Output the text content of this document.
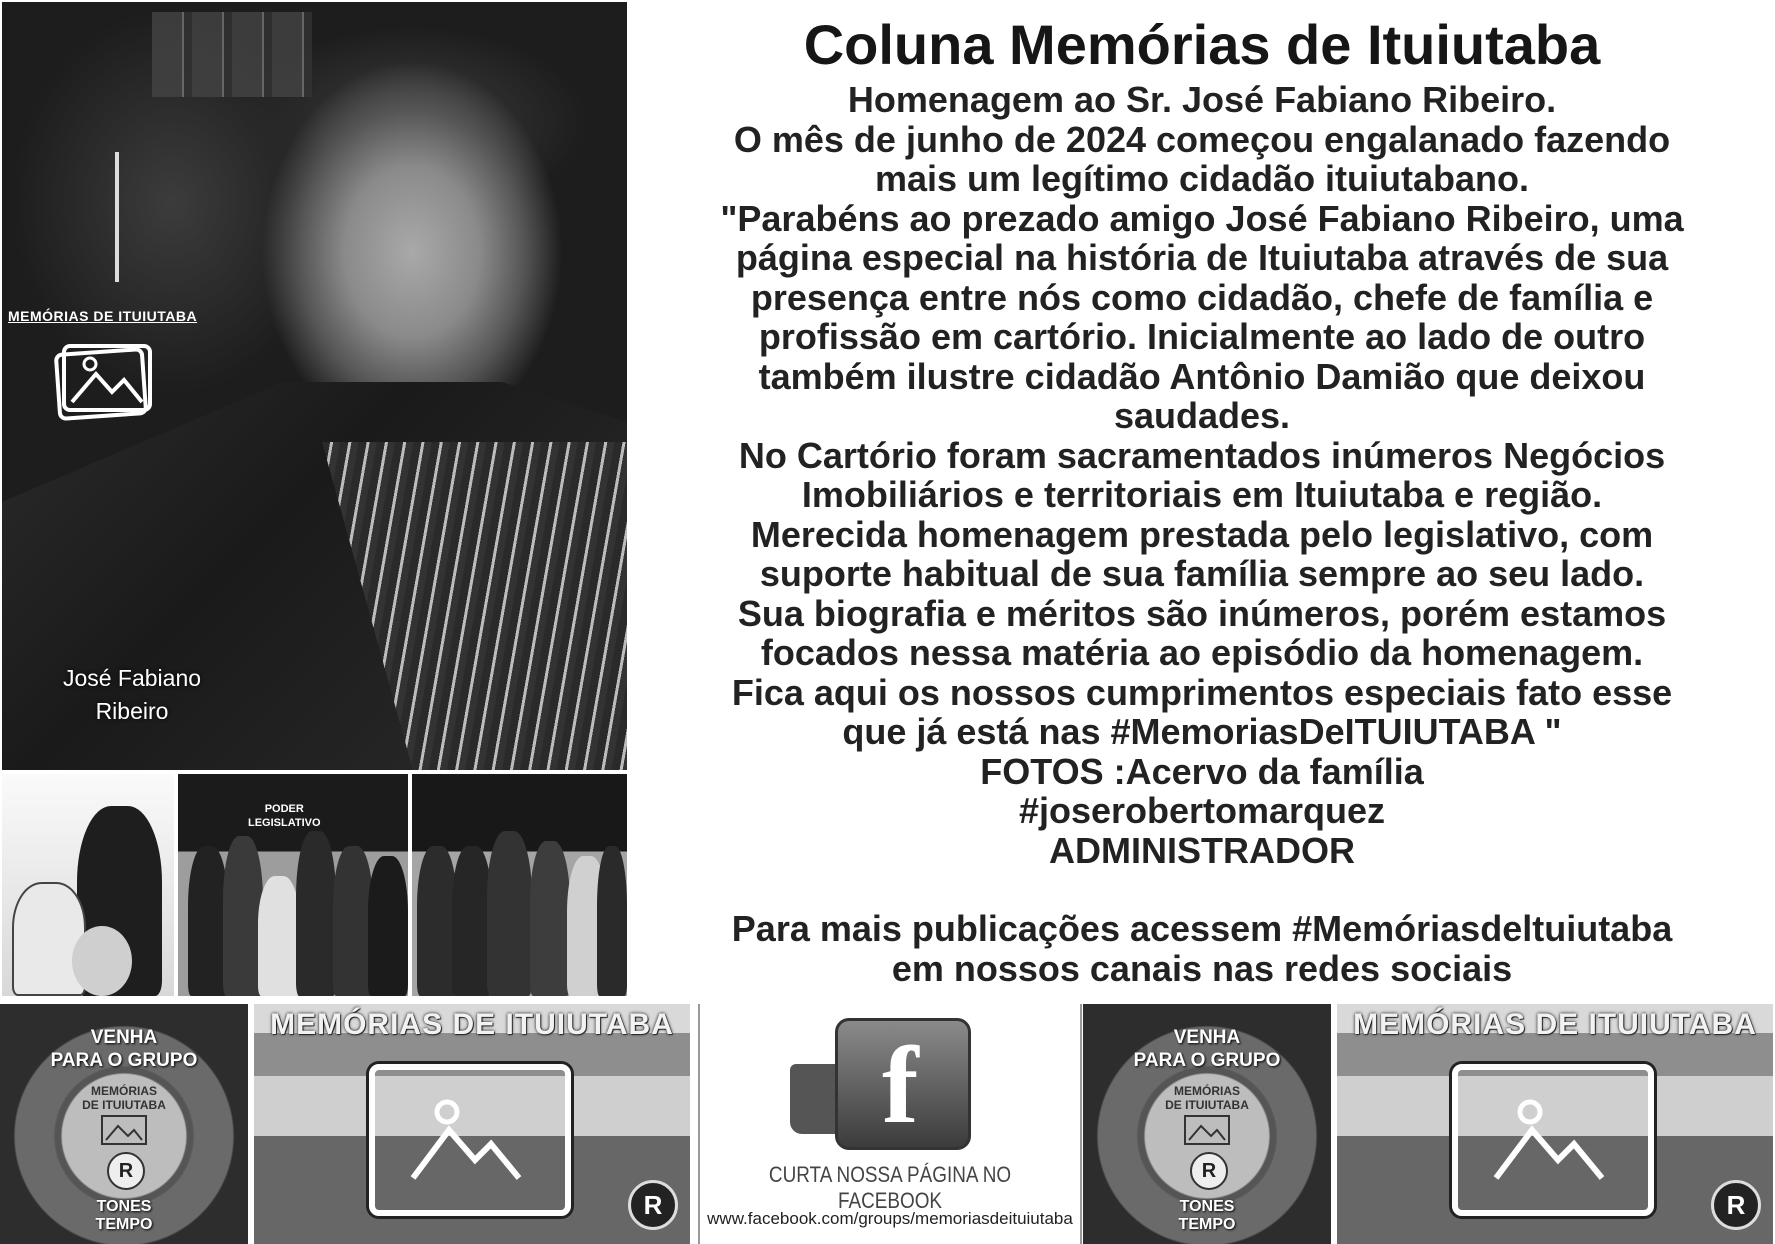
MEMÓRIAS DE ITUIUTABA
José Fabiano
Ribeiro
PODER
LEGISLATIVO
Coluna Memórias de Ituiutaba

Homenagem ao Sr. José Fabiano Ribeiro.

O mês de junho de 2024 começou engalanado fazendo

mais um legítimo cidadão ituiutabano.

"Parabéns ao prezado amigo José Fabiano Ribeiro, uma

página especial na história de Ituiutaba através de sua

presença entre nós como cidadão, chefe de família e

profissão em cartório. Inicialmente ao lado de outro

também ilustre cidadão Antônio Damião que deixou

saudades.

No Cartório foram sacramentados inúmeros Negócios

Imobiliários e territoriais em Ituiutaba e região.

Merecida homenagem prestada pelo legislativo, com

suporte habitual de sua família sempre ao seu lado.

Sua biografia e méritos são inúmeros, porém estamos

focados nessa matéria ao episódio da homenagem.

Fica aqui os nossos cumprimentos especiais fato esse

que já está nas #MemoriasDeITUIUTABA "

FOTOS :Acervo da família

#joserobertomarquez

ADMINISTRADOR

Para mais publicações acessem #Memóriasdeltuiutaba

em nossos canais nas redes sociais

VENHA
PARA O GRUPO
MEMÓRIAS
DE ITUIUTABA
R
TONES
TEMPO
MEMÓRIAS DE ITUIUTABA
R
f
CURTA NOSSA PÁGINA NO FACEBOOK
www.facebook.com/groups/memoriasdeituiutaba
VENHA
PARA O GRUPO
MEMÓRIAS
DE ITUIUTABA
R
TONES
TEMPO
MEMÓRIAS DE ITUIUTABA
R
